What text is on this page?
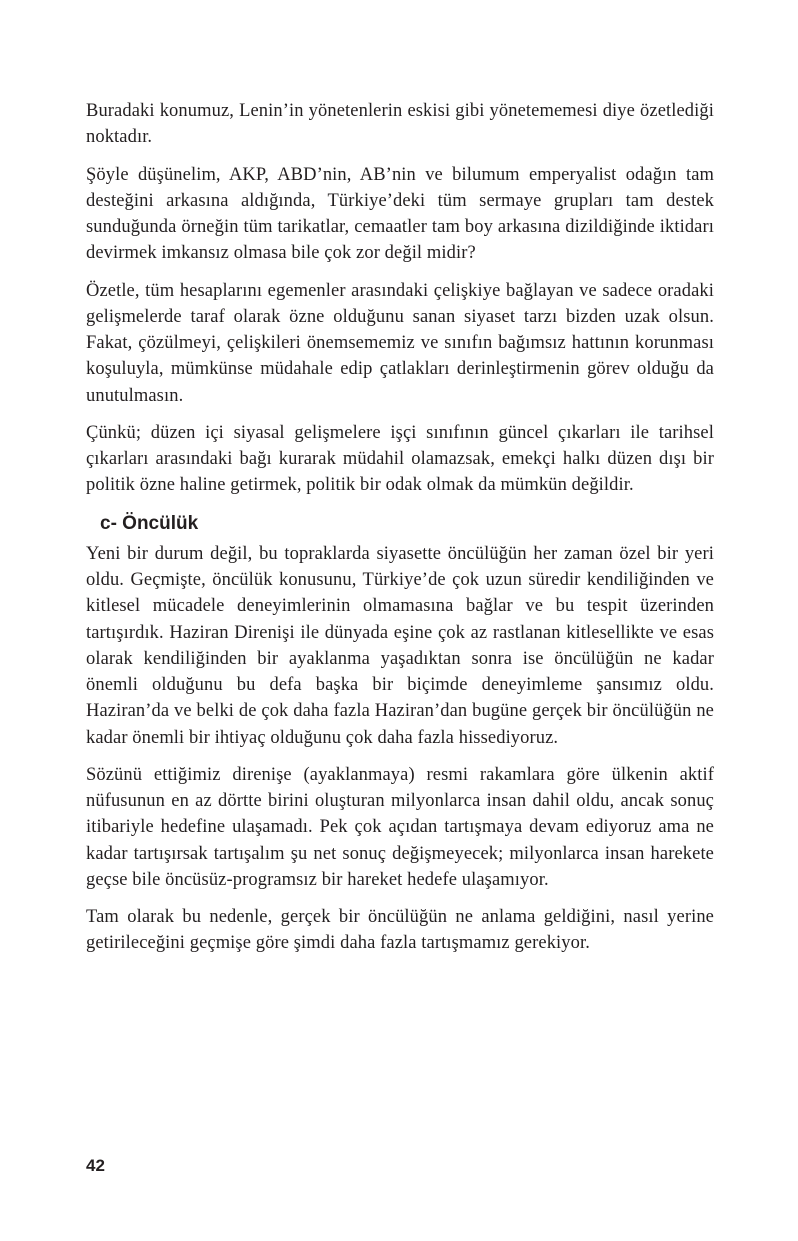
Buradaki konumuz, Lenin’in yönetenlerin eskisi gibi yönetememesi diye özetlediği noktadır.

Şöyle düşünelim, AKP, ABD’nin, AB’nin ve bilumum emperyalist odağın tam desteğini arkasına aldığında, Türkiye’deki tüm sermaye grupları tam destek sunduğunda örneğin tüm tarikatlar, cemaatler tam boy arkasına dizildiğinde iktidarı devirmek imkansız olmasa bile çok zor değil midir?

Özetle, tüm hesaplarını egemenler arasındaki çelişkiye bağlayan ve sadece oradaki gelişmelerde taraf olarak özne olduğunu sanan siyaset tarzı bizden uzak olsun. Fakat, çözülmeyi, çelişkileri önemsememiz ve sınıfın bağımsız hattının korunması koşuluyla, mümkünse müdahale edip çatlakları derinleştirmenin görev olduğu da unutulmasın.

Çünkü; düzen içi siyasal gelişmelere işçi sınıfının güncel çıkarları ile tarihsel çıkarları arasındaki bağı kurarak müdahil olamazsak, emekçi halkı düzen dışı bir politik özne haline getirmek, politik bir odak olmak da mümkün değildir.

c- Öncülük

Yeni bir durum değil, bu topraklarda siyasette öncülüğün her zaman özel bir yeri oldu. Geçmişte, öncülük konusunu, Türkiye’de çok uzun süredir kendiliğinden ve kitlesel mücadele deneyimlerinin olmamasına bağlar ve bu tespit üzerinden tartışırdık. Haziran Direnişi ile dünyada eşine çok az rastlanan kitlesellikte ve esas olarak kendiliğinden bir ayaklanma yaşadıktan sonra ise öncülüğün ne kadar önemli olduğunu bu defa başka bir biçimde deneyimleme şansımız oldu. Haziran’da ve belki de çok daha fazla Haziran’dan bugüne gerçek bir öncülüğün ne kadar önemli bir ihtiyaç olduğunu çok daha fazla hissediyoruz.

Sözünü ettiğimiz direnişe (ayaklanmaya) resmi rakamlara göre ülkenin aktif nüfusunun en az dörtte birini oluşturan milyonlarca insan dahil oldu, ancak sonuç itibariyle hedefine ulaşamadı. Pek çok açıdan tartışmaya devam ediyoruz ama ne kadar tartışırsak tartışalım şu net sonuç değişmeyecek; milyonlarca insan harekete geçse bile öncüsüz-programsız bir hareket hedefe ulaşamıyor.

Tam olarak bu nedenle, gerçek bir öncülüğün ne anlama geldiğini, nasıl yerine getirileceğini geçmişe göre şimdi daha fazla tartışmamız gerekiyor.

42
